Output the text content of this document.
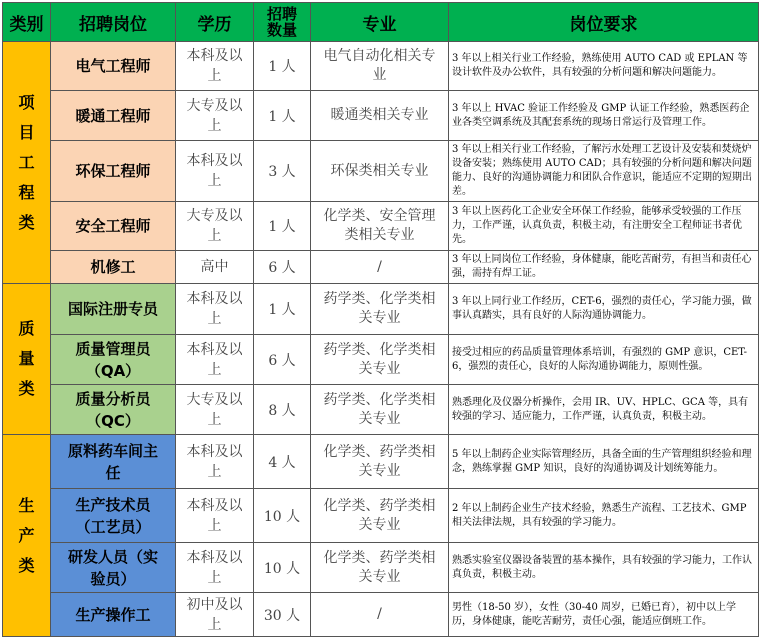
类别	招聘岗位	学历	招聘数量	专业	岗位要求
项目工程类	电气工程师	本科及以上	1 人	电气自动化相关专业	3 年以上相关行业工作经验，熟练使用 AUTO CAD 或 EPLAN 等设计软件及办公软件，具有较强的分析问题和解决问题能力。
	暖通工程师	大专及以上	1 人	暖通类相关专业	3 年以上 HVAC 验证工作经验及 GMP 认证工作经验，熟悉医药企业各类空调系统及其配套系统的现场日常运行及管理工作。
	环保工程师	本科及以上	3 人	环保类相关专业	3 年以上相关行业工作经验，了解污水处理工艺设计及安装和焚烧炉设备安装；熟练使用 AUTO CAD；具有较强的分析问题和解决问题能力、良好的沟通协调能力和团队合作意识，能适应不定期的短期出差。
	安全工程师	大专及以上	1 人	化学类、安全管理类相关专业	3 年以上医药化工企业安全环保工作经验，能够承受较强的工作压力，工作严谨，认真负责，积极主动，有注册安全工程师证书者优先。
	机修工	高中	6 人	/	3 年以上同岗位工作经验，身体健康，能吃苦耐劳，有担当和责任心强，需持有焊工证。
质量类	国际注册专员	本科及以上	1 人	药学类、化学类相关专业	3 年以上同行业工作经历，CET-6，强烈的责任心，学习能力强，做事认真踏实，具有良好的人际沟通协调能力。

	质量管理员（QA）	本科及以上	6 人	药学类、化学类相关专业	接受过相应的药品质量管理体系培训，有强烈的 GMP 意识，CET-6，强烈的责任心，良好的人际沟通协调能力，原则性强。

	质量分析员（QC）	大专及以上	8 人	药学类、化学类相关专业	熟悉理化及仪器分析操作，会用 IR、UV、HPLC、GCA 等，具有较强的学习、适应能力，工作严谨，认真负责，积极主动。
生产类	原料药车间主任	本科及以上	4 人	化学类、药学类相关专业	5 年以上制药企业实际管理经历，具备全面的生产管理组织经验和理念，熟练掌握 GMP 知识，良好的沟通协调及计划统筹能力。

	生产技术员（工艺员）	本科及以上	10 人	化学类、药学类相关专业	2 年以上制药企业生产技术经验，熟悉生产流程、工艺技术、GMP 相关法律法规，具有较强的学习能力。

	研发人员（实验员）	本科及以上	10 人	化学类、药学类相关专业	熟悉实验室仪器设备装置的基本操作，具有较强的学习能力，工作认真负责，积极主动。
	生产操作工	初中及以上	30 人	/	男性（18-50 岁），女性（30-40 周岁，已婚已育），初中以上学历，身体健康，能吃苦耐劳，责任心强，能适应倒班工作。
